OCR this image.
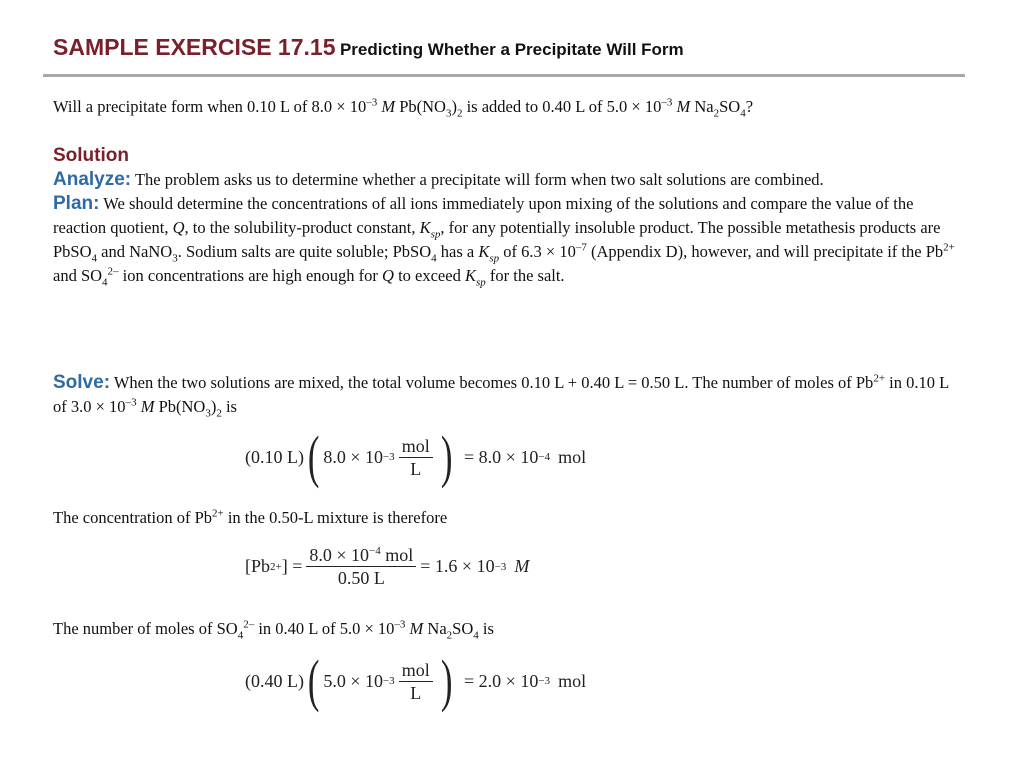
SAMPLE EXERCISE 17.15 Predicting Whether a Precipitate Will Form
Will a precipitate form when 0.10 L of $8.0 \times 10^{-3}$ M $Pb(NO_3)_2$ is added to 0.40 L of $5.0 \times 10^{-3}$ M $Na_2SO_4$?
Solution
Analyze: The problem asks us to determine whether a precipitate will form when two salt solutions are combined.
Plan: We should determine the concentrations of all ions immediately upon mixing of the solutions and compare the value of the reaction quotient, Q, to the solubility-product constant, $K_{sp}$, for any potentially insoluble product. The possible metathesis products are PbSO$_4$ and NaNO$_3$. Sodium salts are quite soluble; PbSO$_4$ has a $K_{sp}$ of $6.3 \times 10^{-7}$ (Appendix D), however, and will precipitate if the $Pb^{2+}$ and $SO_4^{2-}$ ion concentrations are high enough for Q to exceed $K_{sp}$ for the salt.
Solve: When the two solutions are mixed, the total volume becomes 0.10 L + 0.40 L = 0.50 L. The number of moles of $Pb^{2+}$ in 0.10 L of $3.0 \times 10^{-3}$ M $Pb(NO_3)_2$ is
(0.10 L) ( $8.0 \times 10 -3 \frac{\text{mol}}{L}$ ) = 8.0 × 10 −4 mol
The concentration of $Pb^{2+}$ in the 0.50-L mixture is therefore
[Pb 2+ ] = $\frac{8.0 \times 10^{-4} mol}{0.50 L} = 1.6 \times 10 -3$ M
The number of moles of $SO_4^{2-}$ in 0.40 L of $5.0 \times 10^{-3}$ M $Na_2SO_4$ is
(0.40 L) ( $5.0 \times 10 -3 \frac{\text{mol}}{L}$ ) = 2.0 × 10 −3 mol
